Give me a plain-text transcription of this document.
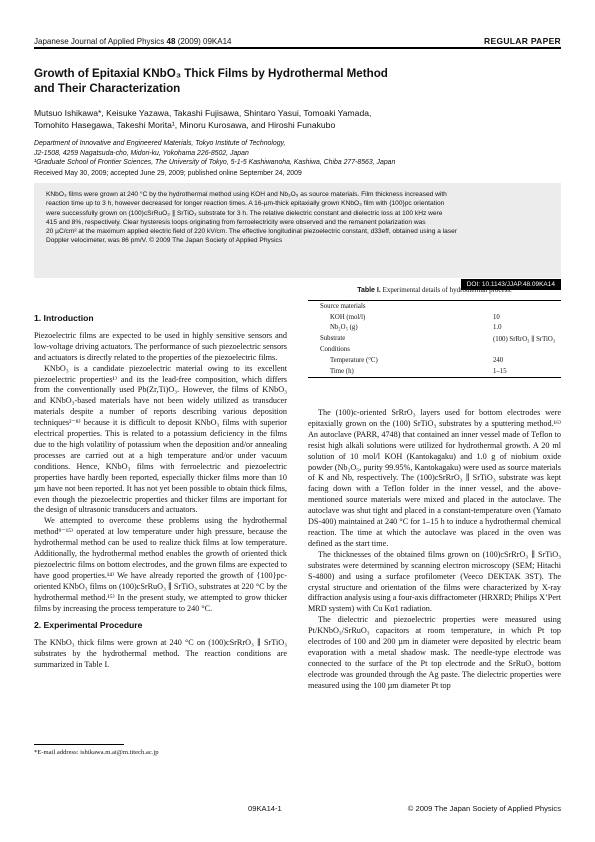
Japanese Journal of Applied Physics 48 (2009) 09KA14	REGULAR PAPER
Growth of Epitaxial KNbO₃ Thick Films by Hydrothermal Method
and Their Characterization
Mutsuo Ishikawa*, Keisuke Yazawa, Takashi Fujisawa, Shintaro Yasui, Tomoaki Yamada,
Tomohito Hasegawa, Takeshi Morita¹, Minoru Kurosawa, and Hiroshi Funakubo
Department of Innovative and Engineered Materials, Tokyo Institute of Technology,
J2-1508, 4259 Nagatsuda-cho, Midori-ku, Yokohama 226-8502, Japan
¹Graduate School of Frontier Sciences, The University of Tokyo, 5-1-5 Kashiwanoha, Kashiwa, Chiba 277-8563, Japan
Received May 30, 2009; accepted June 29, 2009; published online September 24, 2009
KNbO₃ films were grown at 240 °C by the hydrothermal method using KOH and Nb₂O₅ as source materials. Film thickness increased with
reaction time up to 3 h, however decreased for longer reaction times. A 16-µm-thick epitaxially grown KNbO₃ film with {100}pc orientation
were successfully grown on (100)cSrRuO₃ ∥ SrTiO₃ substrate for 3 h. The relative dielectric constant and dielectric loss at 100 kHz were
415 and 8%, respectively. Clear hysteresis loops originating from ferroelectricity were observed and the remanent polarization was
20 µC/cm² at the maximum applied electric field of 220 kV/cm. The effective longitudinal piezoelectric constant, d33eff, obtained using a laser
Doppler velocimeter, was 86 pm/V. © 2009 The Japan Society of Applied Physics
DOI: 10.1143/JJAP.48.09KA14
1. Introduction

Piezoelectric films are expected to be used in highly sensitive sensors and low-voltage driving actuators. The performance of such piezoelectric sensors and actuators is directly related to the properties of the piezoelectric films.

KNbO₃ is a candidate piezoelectric material owing to its excellent piezoelectric properties¹⁾ and its the lead-free composition, which differs from the conventionally used Pb(Zr,Ti)O₃. However, the films of KNbO₃ and KNbO₃-based materials have not been widely utilized as transducer materials despite a number of reports describing various deposition techniques²⁻⁸⁾ because it is difficult to deposit KNbO₃ films with superior electrical properties. This is related to a potassium deficiency in the films due to the high volatility of potassium when the deposition and/or annealing processes are carried out at a high temperature and/or under vacuum conditions. Hence, KNbO₃ films with ferroelectric and piezoelectric properties have hardly been reported, especially thicker films more than 10 µm have not been reported. It has not yet been possible to obtain thick films, even though the piezoelectric properties and thicker films are important for the design of ultrasonic transducers and actuators.

We attempted to overcome these problems using the hydrothermal method⁹⁻¹⁵⁾ operated at low temperature under high pressure, because the hydrothermal method can be used to realize thick films at low temperature. Additionally, the hydrothermal method enables the growth of oriented thick piezoelectric films on bottom electrodes, and the grown films are expected to have good properties.¹⁴⁾ We have already reported the growth of {100}pc-oriented KNbO₃ films on (100)cSrRuO₃ ∥ SrTiO₃ substrates at 220 °C by the hydrothermal method.¹⁵⁾ In the present study, we attempted to grow thicker films by increasing the process temperature to 240 °C.

2. Experimental Procedure

The KNbO₃ thick films were grown at 240 °C on (100)cSrRrO₃ ∥ SrTiO₃ substrates by the hydrothermal method. The reaction conditions are summarized in Table I.

Table I. Experimental details of hydrothermal process.
Source materials
KOH (mol/l)	10
Nb₂O₅ (g)	1.0
Substrate	(100) SrRrO₃ ∥ SrTiO₃
Conditions
Temperature (°C)	240
Time (h)	1–15

The (100)c-oriented SrRrO₃ layers used for bottom electrodes were epitaxially grown on the (100) SrTiO₃ substrates by a sputtering method.¹⁶⁾ An autoclave (PARR, 4748) that contained an inner vessel made of Teflon to resist high alkali solutions were utilized for hydrothermal growth. A 20 ml solution of 10 mol/l KOH (Kantokagaku) and 1.0 g of niobium oxide powder (Nb₂O₅, purity 99.95%, Kantokagaku) were used as source materials of K and Nb, respectively. The (100)cSrRrO₃ ∥ SrTiO₃ substrate was kept facing down with a Teflon folder in the inner vessel, and the above-mentioned source materials were mixed and placed in the autoclave. The autoclave was shut tight and placed in a constant-temperature oven (Yamato DS-400) maintained at 240 °C for 1–15 h to induce a hydrothermal chemical reaction. The time at which the autoclave was placed in the oven was defined as the start time.

The thicknesses of the obtained films grown on (100)cSrRrO₃ ∥ SrTiO₃ substrates were determined by scanning electron microscopy (SEM; Hitachi S-4800) and using a surface profilometer (Veeco DEKTAK 3ST). The crystal structure and orientation of the films were characterized by X-ray diffraction analysis using a four-axis diffractometer (HRXRD; Philips X’Pert MRD system) with Cu Kα1 radiation.

The dielectric and piezoelectric properties were measured using Pt/KNbO₃/SrRuO₃ capacitors at room temperature, in which Pt top electrodes of 100 and 200 µm in diameter were deposited by electric beam evaporation with a metal shadow mask. The needle-type electrode was connected to the surface of the Pt top electrode and the SrRuO₃ bottom electrode was grounded through the Ag paste. The dielectric properties were measured using the 100 µm diameter Pt top

*E-mail address: ishikawa.m.ai@m.titech.ac.jp
09KA14-1	© 2009 The Japan Society of Applied Physics
